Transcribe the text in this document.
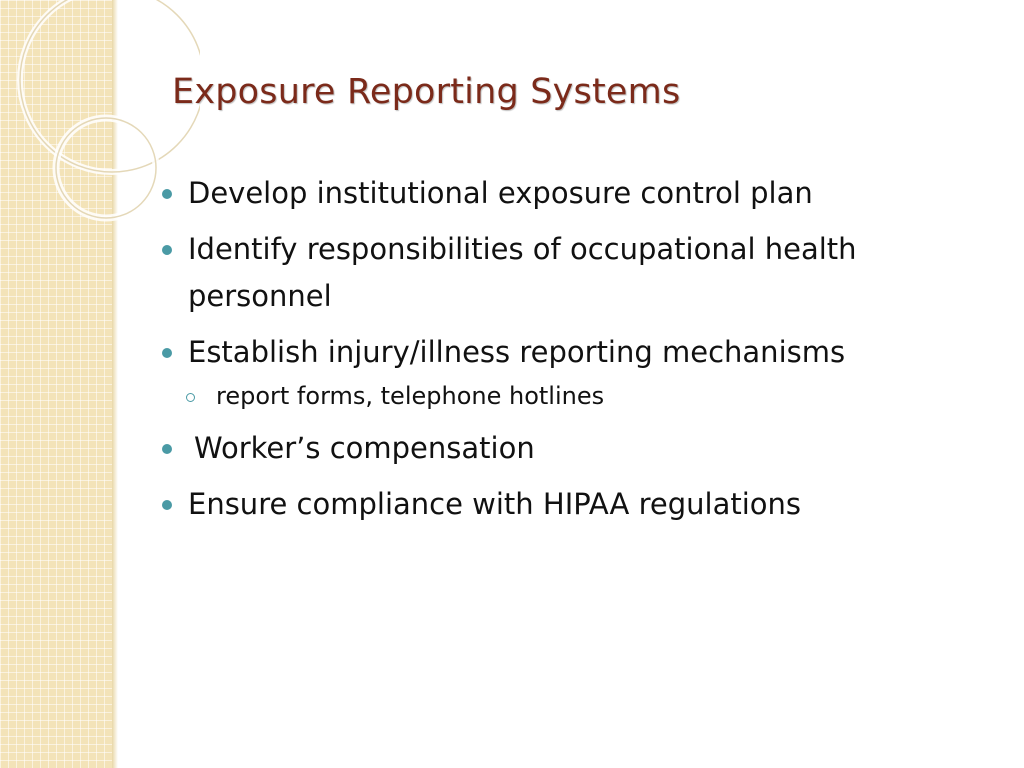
Exposure Reporting Systems
Develop institutional exposure control plan
Identify responsibilities of occupational health personnel
Establish injury/illness reporting mechanisms
report forms, telephone hotlines
Worker’s compensation
Ensure compliance with HIPAA regulations
